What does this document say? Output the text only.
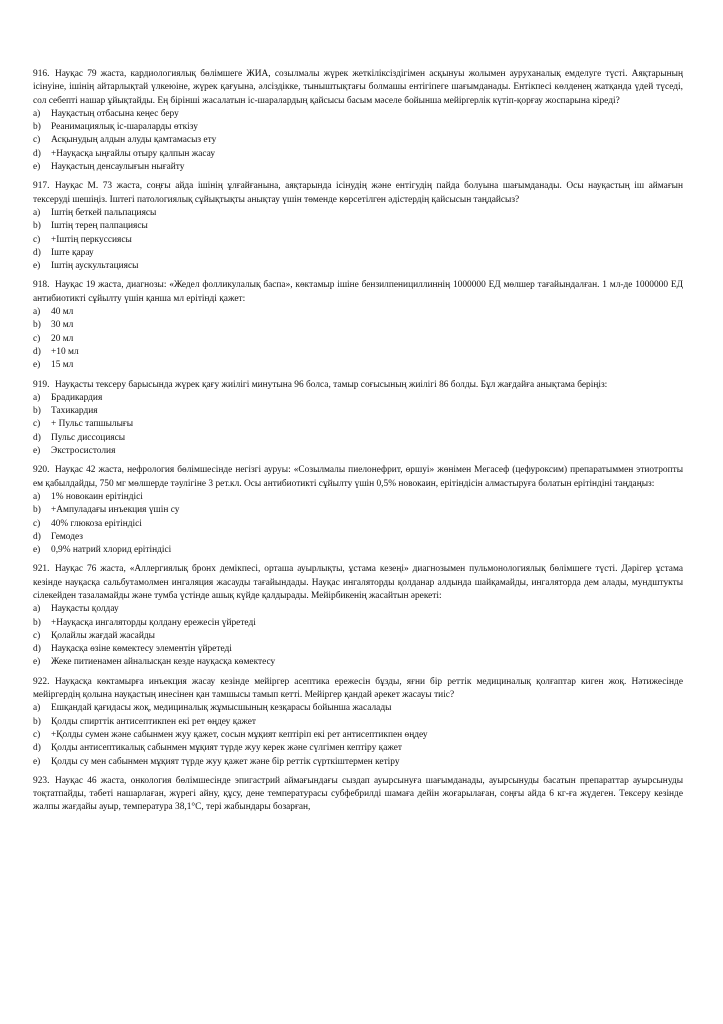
916. Науқас 79 жаста, кардиологиялық бөлімшеге ЖИА, созылмалы жүрек жеткіліксіздігімен асқынуы жолымен ауруханалық емделуге түсті. Аяқтарының ісінуіне, ішінің айтарлықтай үлкеюіне, жүрек қағуына, әлсіздікке, тыныштықтағы болмашы ентігіпеге шағымданады. Ентікпесі көлденең жатқанда үдей түседі, сол себепті нашар ұйықтайды. Ең бірінші жасалатын іс-шаралардың қайсысы басым мәселе бойынша мейіргерлік күтіп-қорғау жоспарына кіреді?

a)	Науқастың отбасына кеңес беру
b)	Реанимациялық іс-шараларды өткізу
c)	Асқынудың алдын алуды қамтамасыз ету
d)	+Науқасқа ыңғайлы отыру қалпын жасау
e)	Науқастың денсаулығын нығайту

917. Науқас М. 73 жаста, соңғы айда ішінің ұлғайғанына, аяқтарында ісінудің және ентігудің пайда болуына шағымданады. Осы науқастың іш аймағын тексеруді шешіңіз. Іштегі патологиялық сұйықтықты анықтау үшін төменде көрсетілген әдістердің қайсысын таңдайсыз?

a)	Іштің беткей пальпациясы
b)	Іштің терең палпациясы
c)	+Іштің перкуссиясы
d)	Іште қарау
e)	Іштің аускультациясы

918. Науқас 19 жаста, диагнозы: «Жедел фолликулалық баспа», көктамыр ішіне бензилпенициллиннің 1000000 ЕД мөлшер тағайындалған. 1 мл-де 1000000 ЕД антибиотикті сұйылту үшін қанша мл ерітінді қажет:

a)	40 мл
b)	30 мл
c)	20 мл
d)	+10 мл
e)	15 мл

919. Науқасты тексеру барысында жүрек қағу жиілігі минутына 96 болса, тамыр соғысының жиілігі 86 болды. Бұл жағдайға анықтама беріңіз:

a)	Брадикардия
b)	Тахикардия
c)	+ Пульс тапшылығы
d)	Пульс диссоциясы
e)	Экстросистолия

920. Науқас 42 жаста, нефрология бөлімшесінде негізгі ауруы: «Созылмалы пиелонефрит, өршуі» жөнімен Мегасеф (цефуроксим) препаратыммен этиотропты ем қабылдайды, 750 мг мөлшерде тәулігіне 3 рет.кл. Осы антибиотикті сұйылту үшін 0,5% новокаин, ерітіндісін алмастыруға болатын ерітіндіні таңдаңыз:

a)	1% новокаин ерітіндісі
b)	+Ампуладағы инъекция үшін су
c)	40% глюкоза ерітіндісі
d)	Гемодез
e)	0,9% натрий хлорид ерітіндісі

921. Науқас 76 жаста, «Аллергиялық бронх демікпесі, орташа ауырлықты, ұстама кезеңі» диагнозымен пульмонологиялық бөлімшеге түсті. Дәрігер ұстама кезінде науқасқа сальбутамолмен ингаляция жасауды тағайындады. Науқас ингаляторды қолданар алдында шайқамайды, ингалятордa дем алады, мундштукты сілекейден тазаламайды және тумба үстінде ашық күйде қалдырады. Мейірбикенің жасайтын әрекеті:

a)	Науқасты қолдау
b)	+Науқасқа ингаляторды қолдану ережесін үйретеді
c)	Қолайлы жағдай жасайды
d)	Науқасқа өзіне көмектесу элементін үйретеді
e)	Жеке питиенамен айналысқан кезде науқасқа көмектесу

922. Науқасқа көктамырға инъекция жасау кезінде мейіргер асептика ережесін бұзды, яғни бір реттік медициналық қолғаптар киген жоқ. Нәтижесінде мейіргердің қолына науқастың инесінен қан тамшысы тамып кетті. Мейіргер қандай әрекет жасауы тиіс?

a)	Ешқандай қағидасы жоқ, медициналық жұмысшының кезқарасы бойынша жасалады
b)	Қолды спирттік антисептикпен екі рет өңдеу қажет
c)	+Қолды сумен және сабынмен жуу қажет, сосын мұқият кептіріп екі рет антисептикпен өңдеу
d)	Қолды антисептикалық сабынмен мұқият түрде жуу керек және сүлгімен кептіру қажет
e)	Қолды су мен сабынмен мұқият түрде жуу қажет және бір реттік сүрткіштермен кетіру

923. Науқас 46 жаста, онкология бөлімшесінде эпигастрий аймағындағы сыздап ауырсынуға шағымданады, ауырсынуды басатын препараттар ауырсынуды тоқтатпайды, тәбеті нашарлаған, жүрегі айну, құсу, дене температурасы субфебрилді шамаға дейін жоғарылаған, соңғы айда 6 кг-ға жүдеген. Тексеру кезінде жалпы жағдайы ауыр, температура 38,1°С, тері жабындары бозарған,
